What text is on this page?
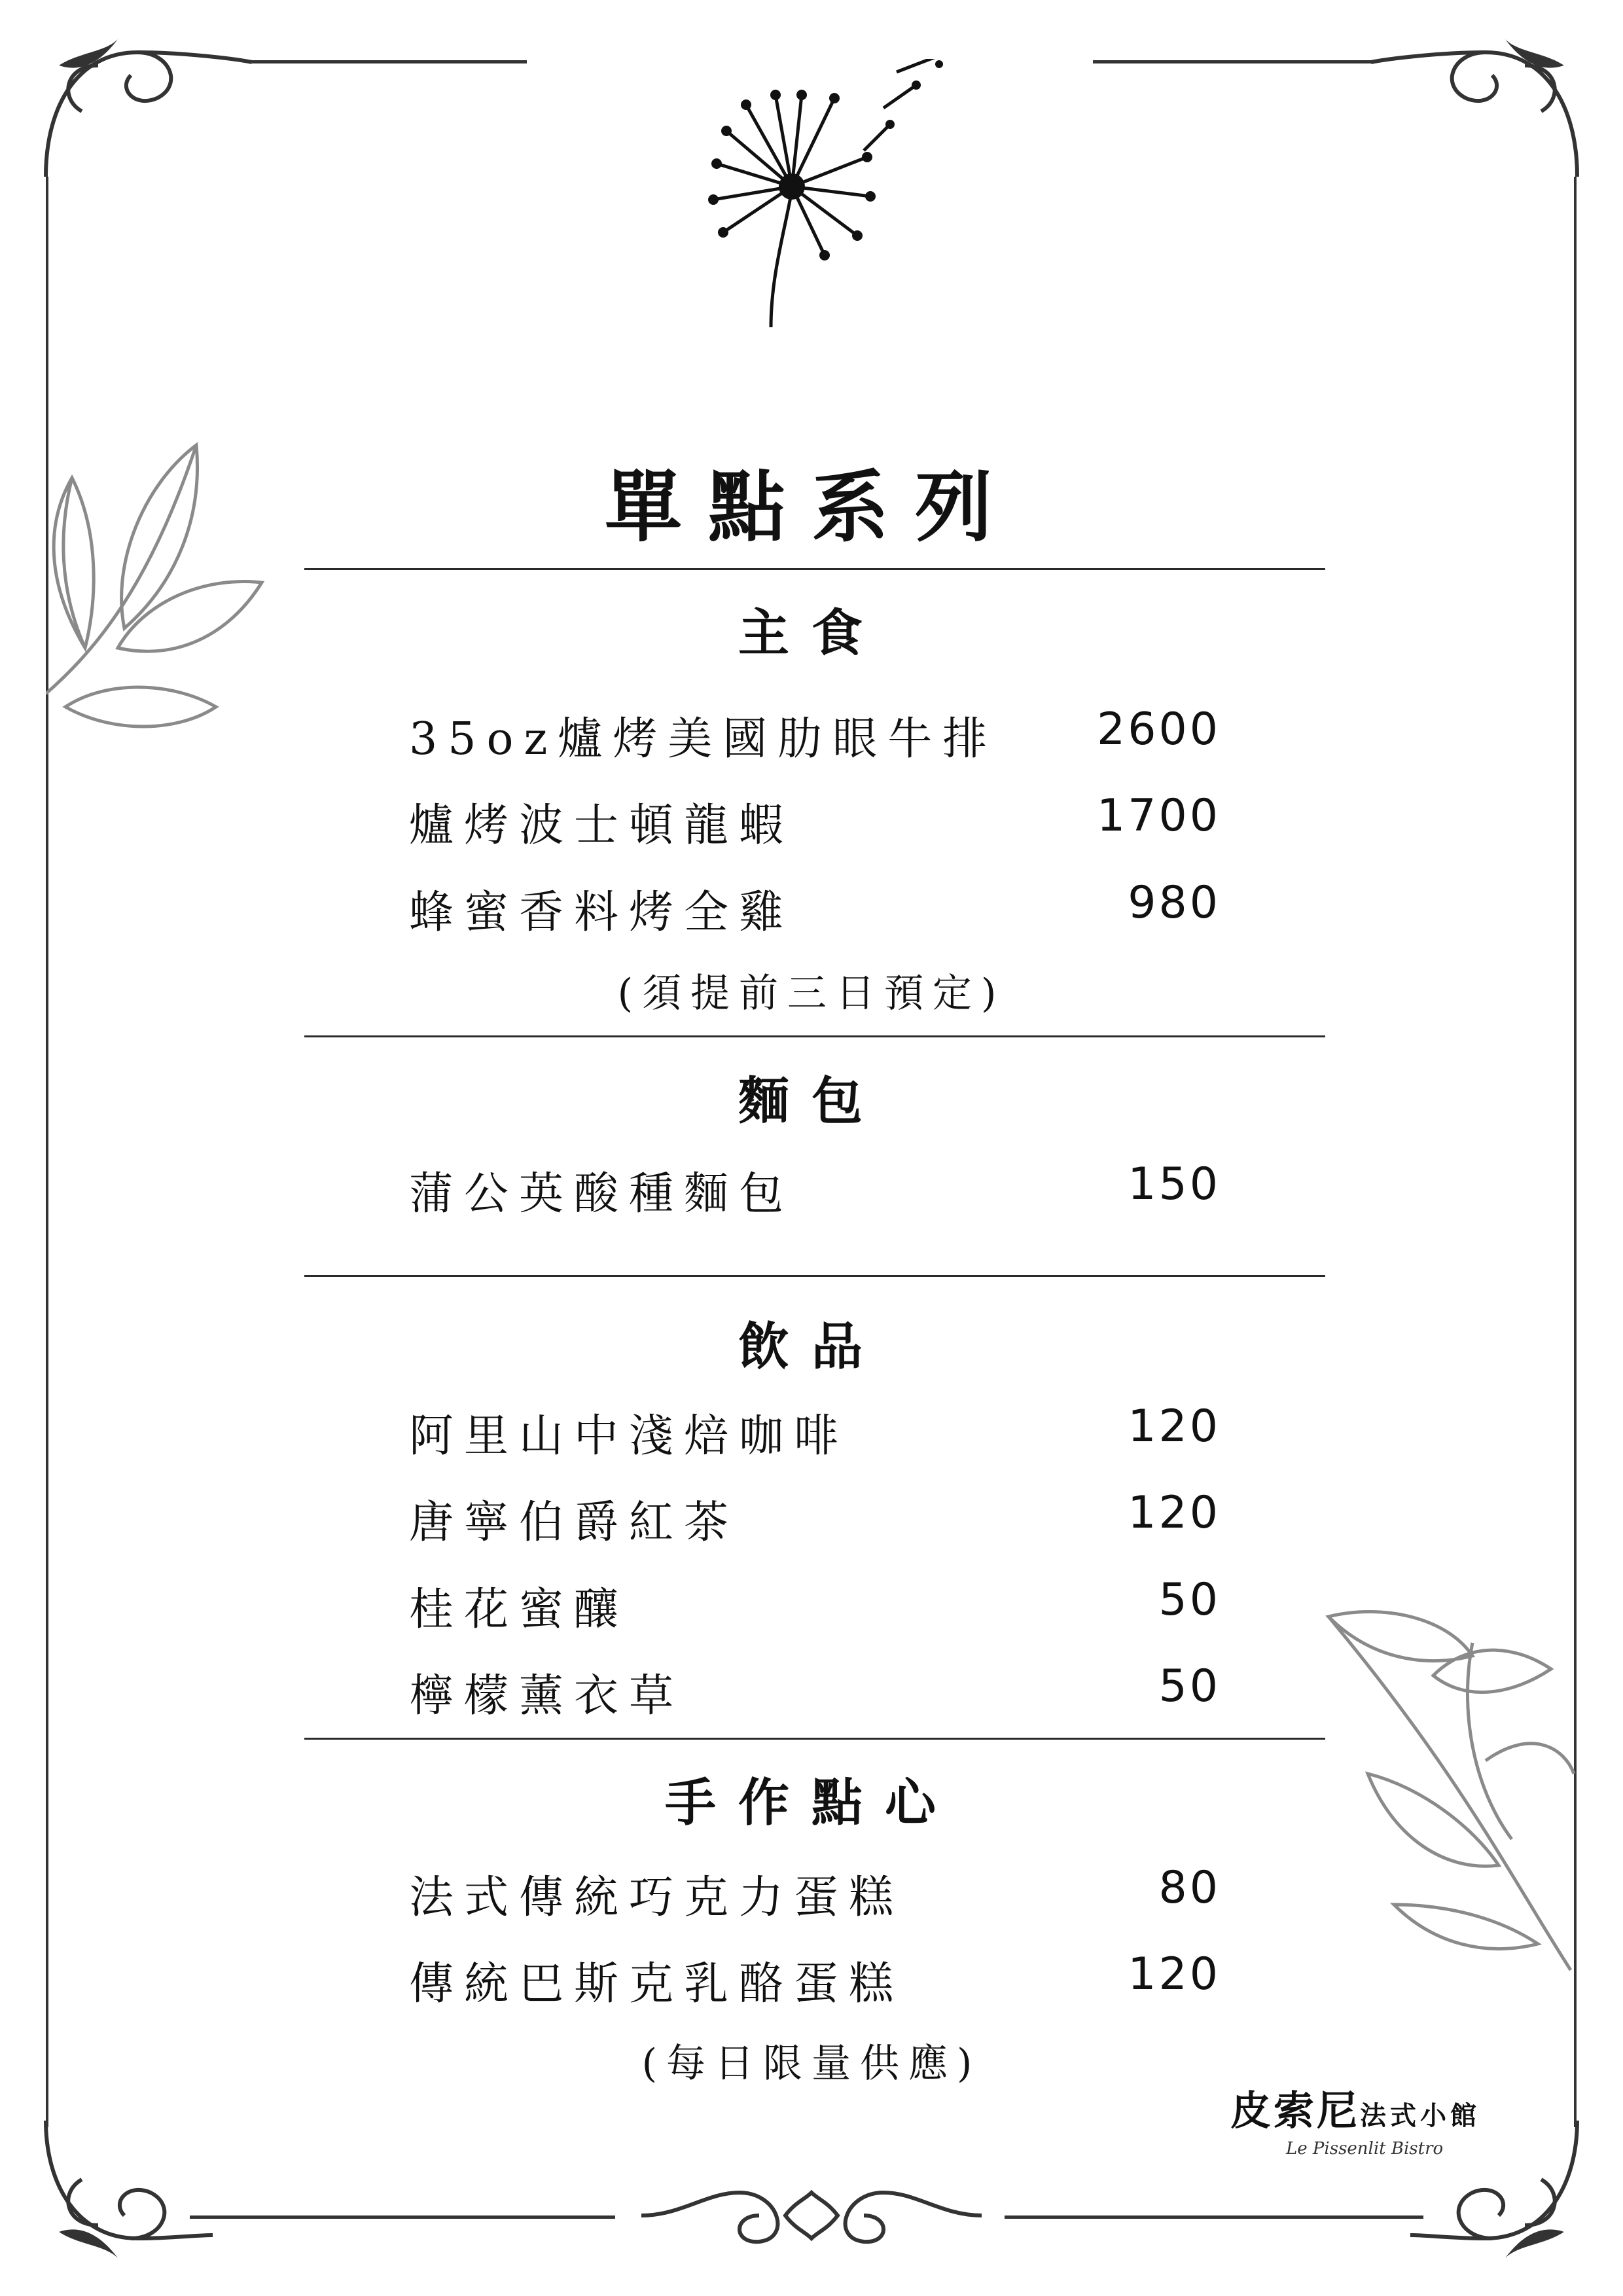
單點系列
主食
35oz爐烤美國肋眼牛排 2600
爐烤波士頓龍蝦	1700
蜂蜜香料烤全雞	980
(須提前三日預定)
麵包
蒲公英酸種麵包	150
飲品
阿里山中淺焙咖啡	120
唐寧伯爵紅茶	120
桂花蜜釀	50
檸檬薰衣草	50
手作點心
法式傳統巧克力蛋糕	80
傳統巴斯克乳酪蛋糕	120
(每日限量供應)
皮索尼法式小館
Le Pissenlit Bistro
